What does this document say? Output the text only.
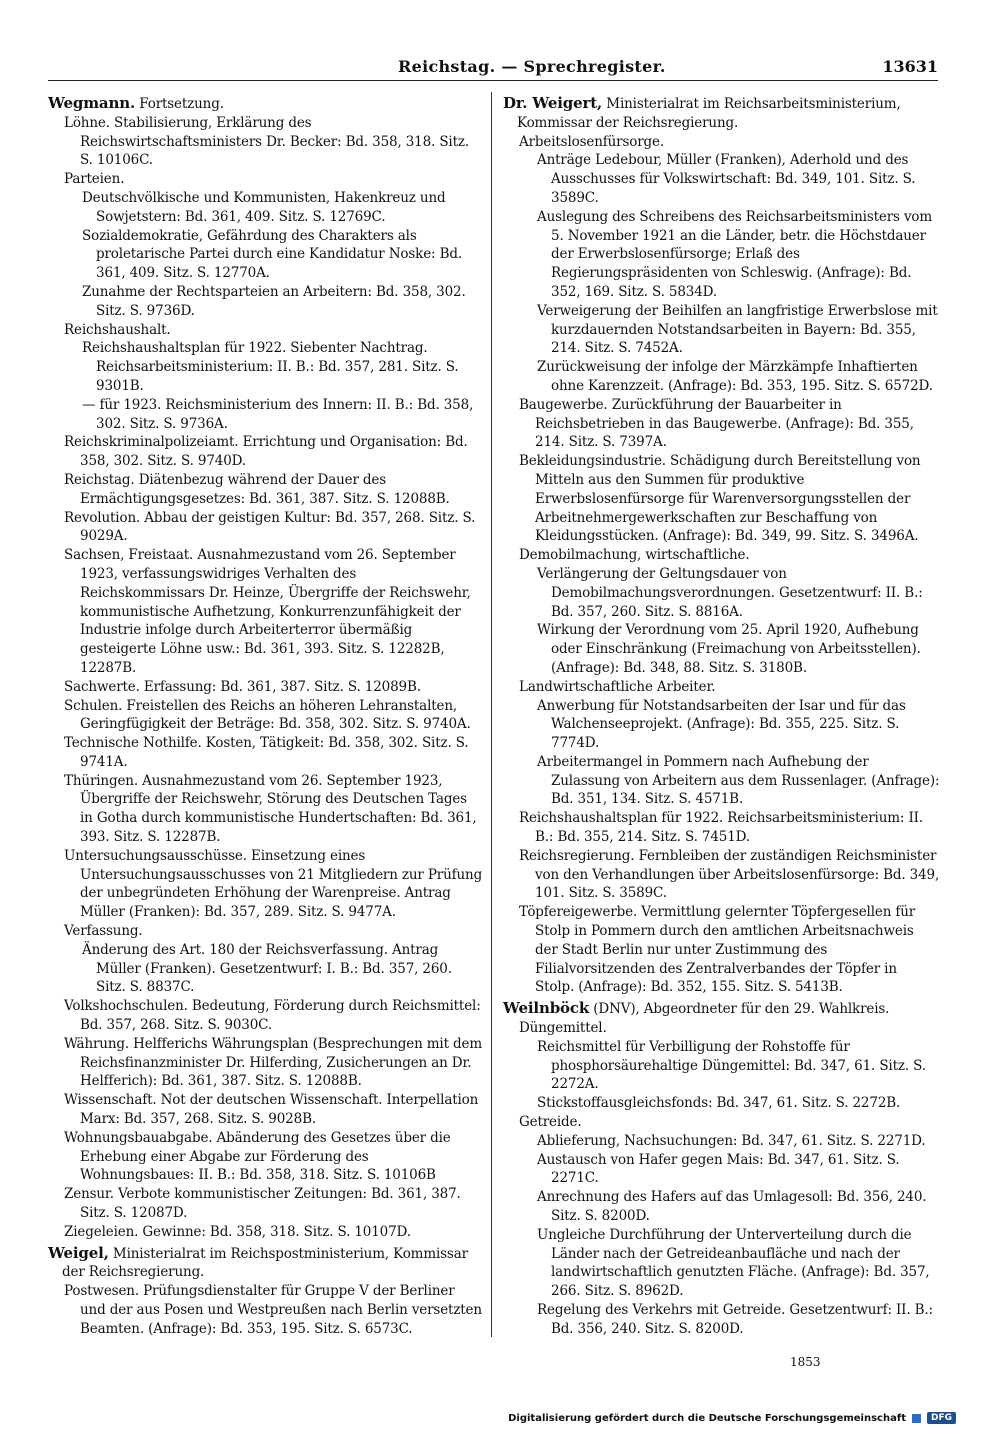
Reichstag. — Sprechregister.	13631

Wegmann. Fortsetzung.

Löhne. Stabilisierung, Erklärung des Reichswirtschaftsministers Dr. Becker: Bd. 358, 318. Sitz. S. 10106C.

Parteien.

Deutschvölkische und Kommunisten, Hakenkreuz und Sowjetstern: Bd. 361, 409. Sitz. S. 12769C.

Sozialdemokratie, Gefährdung des Charakters als proletarische Partei durch eine Kandidatur Noske: Bd. 361, 409. Sitz. S. 12770A.

Zunahme der Rechtsparteien an Arbeitern: Bd. 358, 302. Sitz. S. 9736D.

Reichshaushalt.

Reichshaushaltsplan für 1922. Siebenter Nachtrag. Reichsarbeitsministerium: II. B.: Bd. 357, 281. Sitz. S. 9301B.

— für 1923. Reichsministerium des Innern: II. B.: Bd. 358, 302. Sitz. S. 9736A.

Reichskriminalpolizeiamt. Errichtung und Organisation: Bd. 358, 302. Sitz. S. 9740D.

Reichstag. Diätenbezug während der Dauer des Ermächtigungsgesetzes: Bd. 361, 387. Sitz. S. 12088B.

Revolution. Abbau der geistigen Kultur: Bd. 357, 268. Sitz. S. 9029A.

Sachsen, Freistaat. Ausnahmezustand vom 26. September 1923, verfassungswidriges Verhalten des Reichskommissars Dr. Heinze, Übergriffe der Reichswehr, kommunistische Aufhetzung, Konkurrenzunfähigkeit der Industrie infolge durch Arbeiterterror übermäßig gesteigerte Löhne usw.: Bd. 361, 393. Sitz. S. 12282B, 12287B.

Sachwerte. Erfassung: Bd. 361, 387. Sitz. S. 12089B.

Schulen. Freistellen des Reichs an höheren Lehranstalten, Geringfügigkeit der Beträge: Bd. 358, 302. Sitz. S. 9740A.

Technische Nothilfe. Kosten, Tätigkeit: Bd. 358, 302. Sitz. S. 9741A.

Thüringen. Ausnahmezustand vom 26. September 1923, Übergriffe der Reichswehr, Störung des Deutschen Tages in Gotha durch kommunistische Hundertschaften: Bd. 361, 393. Sitz. S. 12287B.

Untersuchungsausschüsse. Einsetzung eines Untersuchungsausschusses von 21 Mitgliedern zur Prüfung der unbegründeten Erhöhung der Warenpreise. Antrag Müller (Franken): Bd. 357, 289. Sitz. S. 9477A.

Verfassung.

Änderung des Art. 180 der Reichsverfassung. Antrag Müller (Franken). Gesetzentwurf: I. B.: Bd. 357, 260. Sitz. S. 8837C.

Volkshochschulen. Bedeutung, Förderung durch Reichsmittel: Bd. 357, 268. Sitz. S. 9030C.

Währung. Helfferichs Währungsplan (Besprechungen mit dem Reichsfinanzminister Dr. Hilferding, Zusicherungen an Dr. Helfferich): Bd. 361, 387. Sitz. S. 12088B.

Wissenschaft. Not der deutschen Wissenschaft. Interpellation Marx: Bd. 357, 268. Sitz. S. 9028B.

Wohnungsbauabgabe. Abänderung des Gesetzes über die Erhebung einer Abgabe zur Förderung des Wohnungsbaues: II. B.: Bd. 358, 318. Sitz. S. 10106B

Zensur. Verbote kommunistischer Zeitungen: Bd. 361, 387. Sitz. S. 12087D.

Ziegeleien. Gewinne: Bd. 358, 318. Sitz. S. 10107D.

Weigel, Ministerialrat im Reichspostministerium, Kommissar der Reichsregierung.

Postwesen. Prüfungsdienstalter für Gruppe V der Berliner und der aus Posen und Westpreußen nach Berlin versetzten Beamten. (Anfrage): Bd. 353, 195. Sitz. S. 6573C.

Dr. Weigert, Ministerialrat im Reichsarbeitsministerium, Kommissar der Reichsregierung.

Arbeitslosenfürsorge.

Anträge Ledebour, Müller (Franken), Aderhold und des Ausschusses für Volkswirtschaft: Bd. 349, 101. Sitz. S. 3589C.

Auslegung des Schreibens des Reichsarbeitsministers vom 5. November 1921 an die Länder, betr. die Höchstdauer der Erwerbslosenfürsorge; Erlaß des Regierungspräsidenten von Schleswig. (Anfrage): Bd. 352, 169. Sitz. S. 5834D.

Verweigerung der Beihilfen an langfristige Erwerbslose mit kurzdauernden Notstandsarbeiten in Bayern: Bd. 355, 214. Sitz. S. 7452A.

Zurückweisung der infolge der Märzkämpfe Inhaftierten ohne Karenzzeit. (Anfrage): Bd. 353, 195. Sitz. S. 6572D.

Baugewerbe. Zurückführung der Bauarbeiter in Reichsbetrieben in das Baugewerbe. (Anfrage): Bd. 355, 214. Sitz. S. 7397A.

Bekleidungsindustrie. Schädigung durch Bereitstellung von Mitteln aus den Summen für produktive Erwerbslosenfürsorge für Warenversorgungsstellen der Arbeitnehmergewerkschaften zur Beschaffung von Kleidungsstücken. (Anfrage): Bd. 349, 99. Sitz. S. 3496A.

Demobilmachung, wirtschaftliche.

Verlängerung der Geltungsdauer von Demobilmachungsverordnungen. Gesetzentwurf: II. B.: Bd. 357, 260. Sitz. S. 8816A.

Wirkung der Verordnung vom 25. April 1920, Aufhebung oder Einschränkung (Freimachung von Arbeitsstellen). (Anfrage): Bd. 348, 88. Sitz. S. 3180B.

Landwirtschaftliche Arbeiter.

Anwerbung für Notstandsarbeiten der Isar und für das Walchenseeprojekt. (Anfrage): Bd. 355, 225. Sitz. S. 7774D.

Arbeitermangel in Pommern nach Aufhebung der Zulassung von Arbeitern aus dem Russenlager. (Anfrage): Bd. 351, 134. Sitz. S. 4571B.

Reichshaushaltsplan für 1922. Reichsarbeitsministerium: II. B.: Bd. 355, 214. Sitz. S. 7451D.

Reichsregierung. Fernbleiben der zuständigen Reichsminister von den Verhandlungen über Arbeitslosenfürsorge: Bd. 349, 101. Sitz. S. 3589C.

Töpfereigewerbe. Vermittlung gelernter Töpfergesellen für Stolp in Pommern durch den amtlichen Arbeitsnachweis der Stadt Berlin nur unter Zustimmung des Filialvorsitzenden des Zentralverbandes der Töpfer in Stolp. (Anfrage): Bd. 352, 155. Sitz. S. 5413B.

Weilnböck (DNV), Abgeordneter für den 29. Wahlkreis.

Düngemittel.

Reichsmittel für Verbilligung der Rohstoffe für phosphorsäurehaltige Düngemittel: Bd. 347, 61. Sitz. S. 2272A.

Stickstoffausgleichsfonds: Bd. 347, 61. Sitz. S. 2272B.

Getreide.

Ablieferung, Nachsuchungen: Bd. 347, 61. Sitz. S. 2271D.

Austausch von Hafer gegen Mais: Bd. 347, 61. Sitz. S. 2271C.

Anrechnung des Hafers auf das Umlagesoll: Bd. 356, 240. Sitz. S. 8200D.

Ungleiche Durchführung der Unterverteilung durch die Länder nach der Getreideanbaufläche und nach der landwirtschaftlich genutzten Fläche. (Anfrage): Bd. 357, 266. Sitz. S. 8962D.

Regelung des Verkehrs mit Getreide. Gesetzentwurf: II. B.: Bd. 356, 240. Sitz. S. 8200D.

1853
Digitalisierung gefördert durch die Deutsche Forschungsgemeinschaft	DFG
